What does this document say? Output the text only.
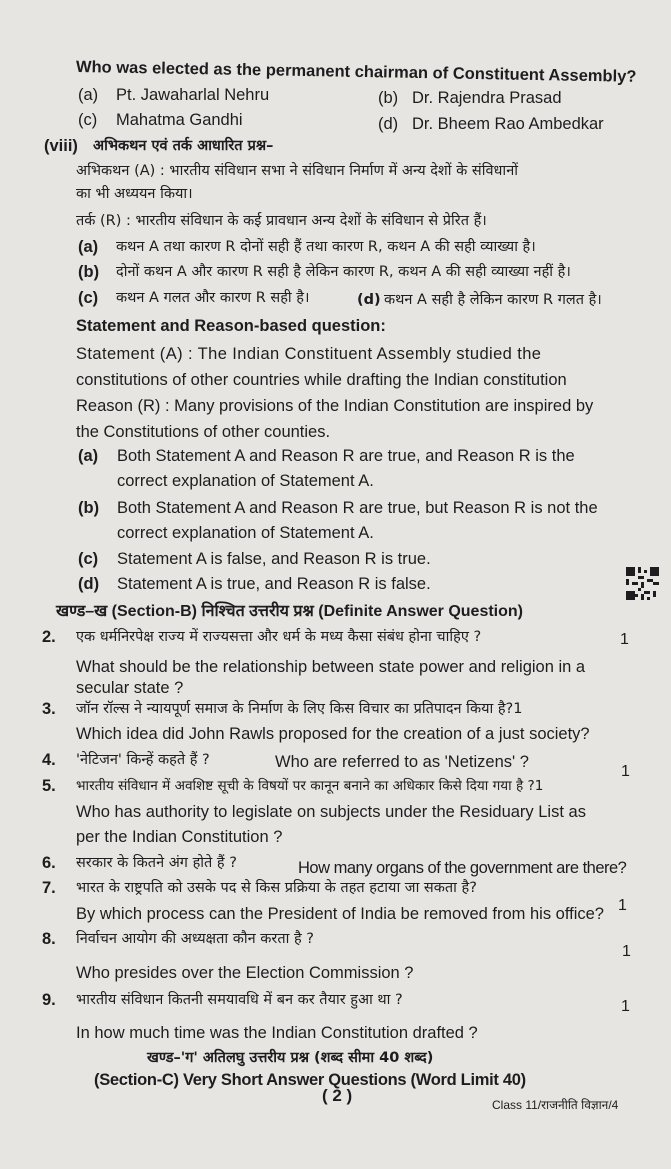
Who was elected as the permanent chairman of Constituent Assembly?
(a) Pt. Jawaharlal Nehru	(b) Dr. Rajendra Prasad
(c) Mahatma Gandhi	(d) Dr. Bheem Rao Ambedkar
(viii) अभिकथन एवं तर्क आधारित प्रश्न–
अभिकथन (A) : भारतीय संविधान सभा ने संविधान निर्माण में अन्य देशों के संविधानों
का भी अध्ययन किया।
तर्क (R) : भारतीय संविधान के कई प्रावधान अन्य देशों के संविधान से प्रेरित हैं।
(a) कथन A तथा कारण R दोनों सही हैं तथा कारण R, कथन A की सही व्याख्या है।
(b) दोनों कथन A और कारण R सही है लेकिन कारण R, कथन A की सही व्याख्या नहीं है।
(c) कथन A गलत और कारण R सही है।	(d) कथन A सही है लेकिन कारण R गलत है।
Statement and Reason-based question:
Statement (A) : The Indian Constituent Assembly studied the
constitutions of other countries while drafting the Indian constitution
Reason (R) : Many provisions of the Indian Constitution are inspired by
the Constitutions of other counties.
(a) Both Statement A and Reason R are true, and Reason R is the
correct explanation of Statement A.
(b) Both Statement A and Reason R are true, but Reason R is not the
correct explanation of Statement A.
(c) Statement A is false, and Reason R is true.
(d) Statement A is true, and Reason R is false.
खण्ड–ख (Section-B) निश्चित उत्तरीय प्रश्न (Definite Answer Question)
2. एक धर्मनिरपेक्ष राज्य में राज्यसत्ता और धर्म के मध्य कैसा संबंध होना चाहिए ?	1
What should be the relationship between state power and religion in a
secular state ?
3. जॉन रॉल्स ने न्यायपूर्ण समाज के निर्माण के लिए किस विचार का प्रतिपादन किया है?1
Which idea did John Rawls proposed for the creation of a just society?
4. 'नेटिजन' किन्हें कहते हैं ?	Who are referred to as 'Netizens' ?
1
5. भारतीय संविधान में अवशिष्ट सूची के विषयों पर कानून बनाने का अधिकार किसे दिया गया है ?1
Who has authority to legislate on subjects under the Residuary List as
per the Indian Constitution ?
6. सरकार के कितने अंग होते हैं ?	How many organs of the government are there?
7. भारत के राष्ट्रपति को उसके पद से किस प्रक्रिया के तहत हटाया जा सकता है?
By which process can the President of India be removed from his office? 1
8. निर्वाचन आयोग की अध्यक्षता कौन करता है ?
1
Who presides over the Election Commission ?
9. भारतीय संविधान कितनी समयावधि में बन कर तैयार हुआ था ?	1
In how much time was the Indian Constitution drafted ?
खण्ड–'ग' अतिलघु उत्तरीय प्रश्न (शब्द सीमा 40 शब्द)
(Section-C) Very Short Answer Questions (Word Limit 40)
( 2 )	Class 11/राजनीति विज्ञान/4
